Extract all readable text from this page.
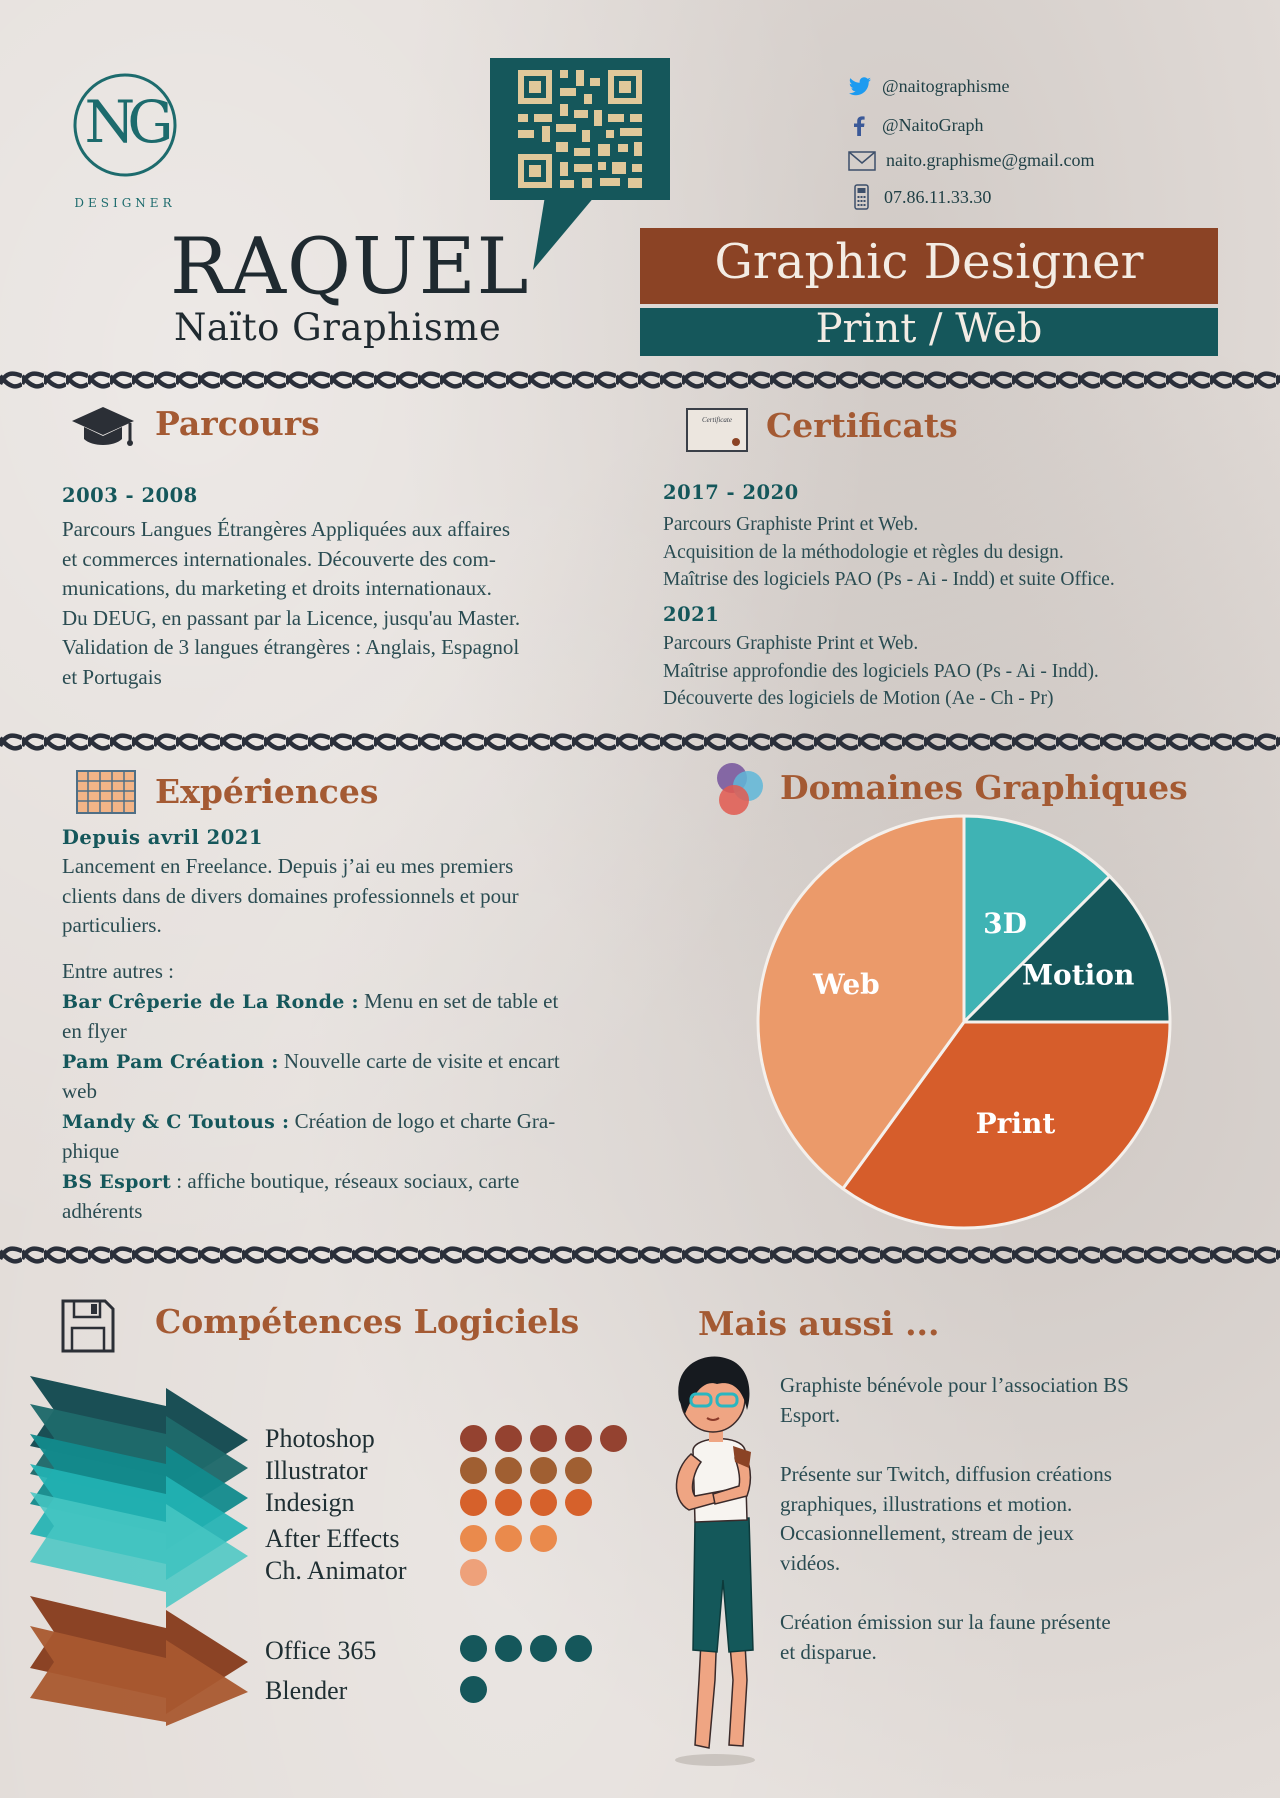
NG
DESIGNER
@naitographisme
@NaitoGraph
naito.graphisme@gmail.com
07.86.11.33.30
RAQUEL
Naïto Graphisme
Graphic Designer
Print / Web
Parcours
2003 - 2008
Parcours Langues Étrangères Appliquées aux affaires
et commerces internationales. Découverte des com-
munications, du marketing et droits internationaux.
Du DEUG, en passant par la Licence, jusqu'au Master.
Validation de 3 langues étrangères : Anglais, Espagnol
et Portugais
Certificate	Certificats
2017 - 2020
Parcours Graphiste Print et Web.
Acquisition de la méthodologie et règles du design.
Maîtrise des logiciels PAO (Ps - Ai - Indd) et suite Office.
2021
Parcours Graphiste Print et Web.
Maîtrise approfondie des logiciels PAO (Ps - Ai - Indd).
Découverte des logiciels de Motion (Ae - Ch - Pr)
Expériences
Depuis avril 2021
Lancement en Freelance. Depuis j’ai eu mes premiers
clients dans de divers domaines professionnels et pour
particuliers.
Entre autres :
Bar Crêperie de La Ronde : Menu en set de table et
en flyer
Pam Pam Création : Nouvelle carte de visite et encart
web
Mandy & C Toutous : Création de logo et charte Gra-
phique
BS Esport : affiche boutique, réseaux sociaux, carte
adhérents
Domaines Graphiques
3D
Motion
Print
Web
Compétences Logiciels
Photoshop
Illustrator
Indesign
After Effects
Ch. Animator
Office 365
Blender
Mais aussi ...
Graphiste bénévole pour l’association BS
Esport.
Présente sur Twitch, diffusion créations
graphiques, illustrations et motion.
Occasionnellement, stream de jeux
vidéos.
Création émission sur la faune présente
et disparue.
